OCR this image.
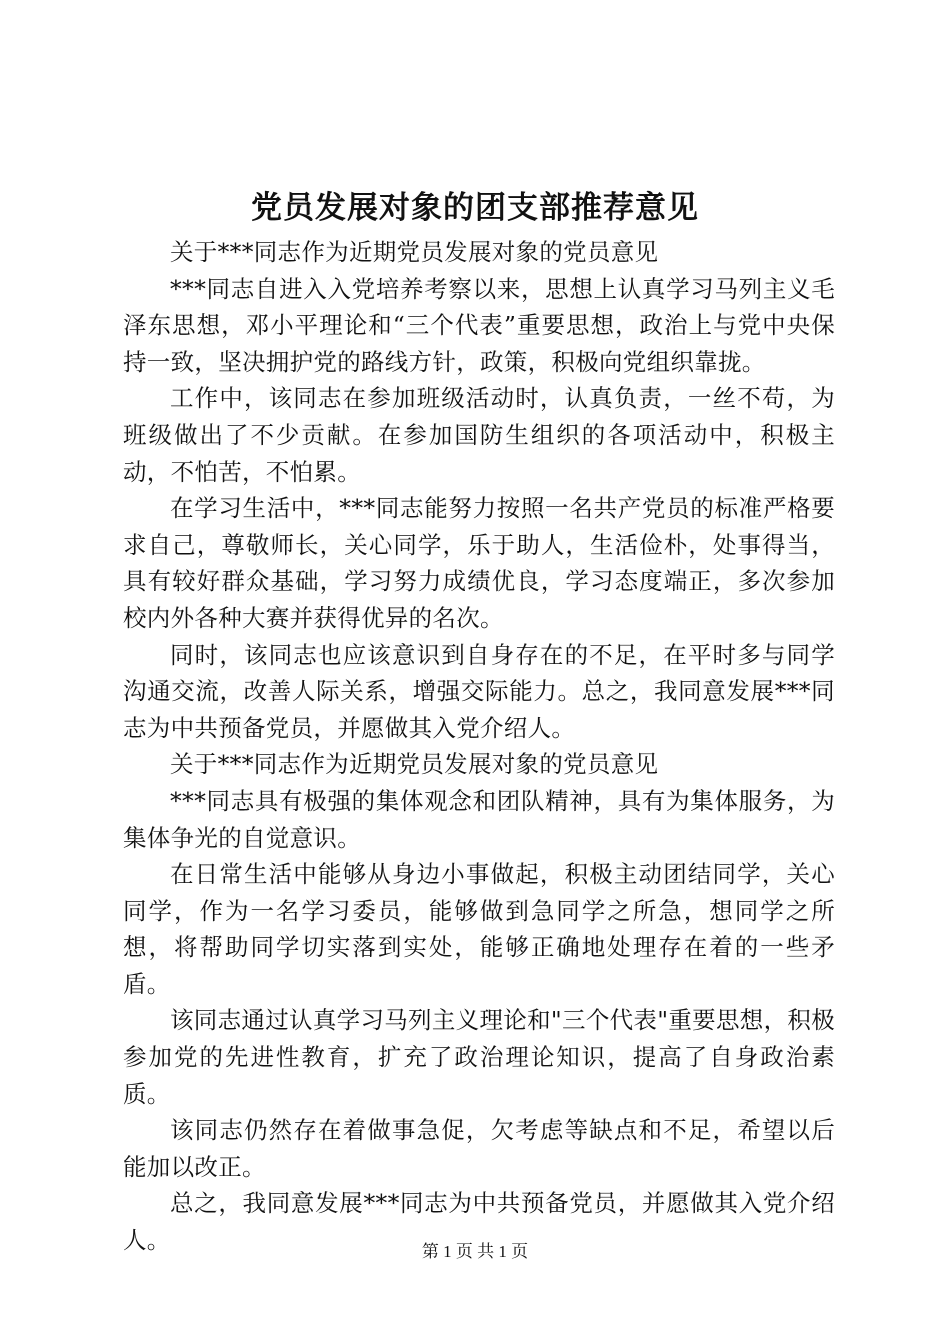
党员发展对象的团支部推荐意见

关于***同志作为近期党员发展对象的党员意见

***同志自进入入党培养考察以来，思想上认真学习马列主义毛泽东思想，邓小平理论和“三个代表”重要思想，政治上与党中央保持一致，坚决拥护党的路线方针，政策，积极向党组织靠拢。

工作中，该同志在参加班级活动时，认真负责，一丝不苟，为班级做出了不少贡献。在参加国防生组织的各项活动中，积极主动，不怕苦，不怕累。

在学习生活中，***同志能努力按照一名共产党员的标准严格要求自己，尊敬师长，关心同学，乐于助人，生活俭朴，处事得当，具有较好群众基础，学习努力成绩优良，学习态度端正，多次参加校内外各种大赛并获得优异的名次。

同时，该同志也应该意识到自身存在的不足，在平时多与同学沟通交流，改善人际关系，增强交际能力。总之，我同意发展***同志为中共预备党员，并愿做其入党介绍人。

关于***同志作为近期党员发展对象的党员意见

***同志具有极强的集体观念和团队精神，具有为集体服务，为集体争光的自觉意识。

在日常生活中能够从身边小事做起，积极主动团结同学，关心同学，作为一名学习委员，能够做到急同学之所急，想同学之所想，将帮助同学切实落到实处，能够正确地处理存在着的一些矛盾。

该同志通过认真学习马列主义理论和"三个代表"重要思想，积极参加党的先进性教育，扩充了政治理论知识，提高了自身政治素质。

该同志仍然存在着做事急促，欠考虑等缺点和不足，希望以后能加以改正。

总之，我同意发展***同志为中共预备党员，并愿做其入党介绍人。	第 1 页 共 1 页
